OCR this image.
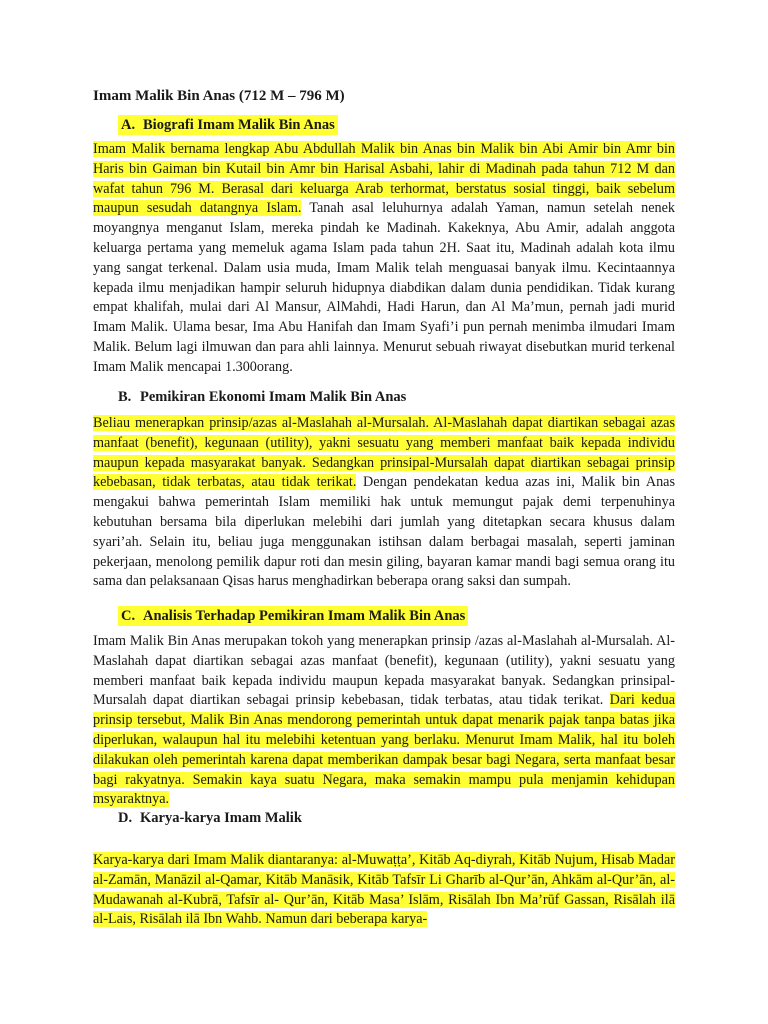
Imam Malik Bin Anas (712 M – 796 M)
A. Biografi Imam Malik Bin Anas

Imam Malik bernama lengkap Abu Abdullah Malik bin Anas bin Malik bin Abi Amir bin Amr bin Haris bin Gaiman bin Kutail bin Amr bin Harisal Asbahi, lahir di Madinah pada tahun 712 M dan wafat tahun 796 M. Berasal dari keluarga Arab terhormat, berstatus sosial tinggi, baik sebelum maupun sesudah datangnya Islam. Tanah asal leluhurnya adalah Yaman, namun setelah nenek moyangnya menganut Islam, mereka pindah ke Madinah. Kakeknya, Abu Amir, adalah anggota keluarga pertama yang memeluk agama Islam pada tahun 2H. Saat itu, Madinah adalah kota ilmu yang sangat terkenal. Dalam usia muda, Imam Malik telah menguasai banyak ilmu. Kecintaannya kepada ilmu menjadikan hampir seluruh hidupnya diabdikan dalam dunia pendidikan. Tidak kurang empat khalifah, mulai dari Al Mansur, AlMahdi, Hadi Harun, dan Al Ma’mun, pernah jadi murid Imam Malik. Ulama besar, Ima Abu Hanifah dan Imam Syafi’i pun pernah menimba ilmudari Imam Malik. Belum lagi ilmuwan dan para ahli lainnya. Menurut sebuah riwayat disebutkan murid terkenal Imam Malik mencapai 1.300orang.

B. Pemikiran Ekonomi Imam Malik Bin Anas

Beliau menerapkan prinsip/azas al-Maslahah al-Mursalah. Al-Maslahah dapat diartikan sebagai azas manfaat (benefit), kegunaan (utility), yakni sesuatu yang memberi manfaat baik kepada individu maupun kepada masyarakat banyak. Sedangkan prinsipal-Mursalah dapat diartikan sebagai prinsip kebebasan, tidak terbatas, atau tidak terikat. Dengan pendekatan kedua azas ini, Malik bin Anas mengakui bahwa pemerintah Islam memiliki hak untuk memungut pajak demi terpenuhinya kebutuhan bersama bila diperlukan melebihi dari jumlah yang ditetapkan secara khusus dalam syari’ah. Selain itu, beliau juga menggunakan istihsan dalam berbagai masalah, seperti jaminan pekerjaan, menolong pemilik dapur roti dan mesin giling, bayaran kamar mandi bagi semua orang itu sama dan pelaksanaan Qisas harus menghadirkan beberapa orang saksi dan sumpah.

C. Analisis Terhadap Pemikiran Imam Malik Bin Anas

Imam Malik Bin Anas merupakan tokoh yang menerapkan prinsip /azas al-Maslahah al-Mursalah. Al- Maslahah dapat diartikan sebagai azas manfaat (benefit), kegunaan (utility), yakni sesuatu yang memberi manfaat baik kepada individu maupun kepada masyarakat banyak. Sedangkan prinsipal-Mursalah dapat diartikan sebagai prinsip kebebasan, tidak terbatas, atau tidak terikat. Dari kedua prinsip tersebut, Malik Bin Anas mendorong pemerintah untuk dapat menarik pajak tanpa batas jika diperlukan, walaupun hal itu melebihi ketentuan yang berlaku. Menurut Imam Malik, hal itu boleh dilakukan oleh pemerintah karena dapat memberikan dampak besar bagi Negara, serta manfaat besar bagi rakyatnya. Semakin kaya suatu Negara, maka semakin mampu pula menjamin kehidupan msyaraktnya.

D. Karya-karya Imam Malik

Karya-karya dari Imam Malik diantaranya: al-Muwaṭṭa’, Kitāb Aq-diyrah, Kitāb Nujum, Hisab Madar al-Zamān, Manāzil al-Qamar, Kitāb Manāsik, Kitāb Tafsīr Li Gharīb al-Qur’ān, Ahkām al-Qur’ān, al-Mudawanah al-Kubrā, Tafsīr al- Qur’ān, Kitāb Masa’ Islām, Risālah Ibn Ma’rūf Gassan, Risālah ilā al-Lais, Risālah ilā Ibn Wahb. Namun dari beberapa karya-
